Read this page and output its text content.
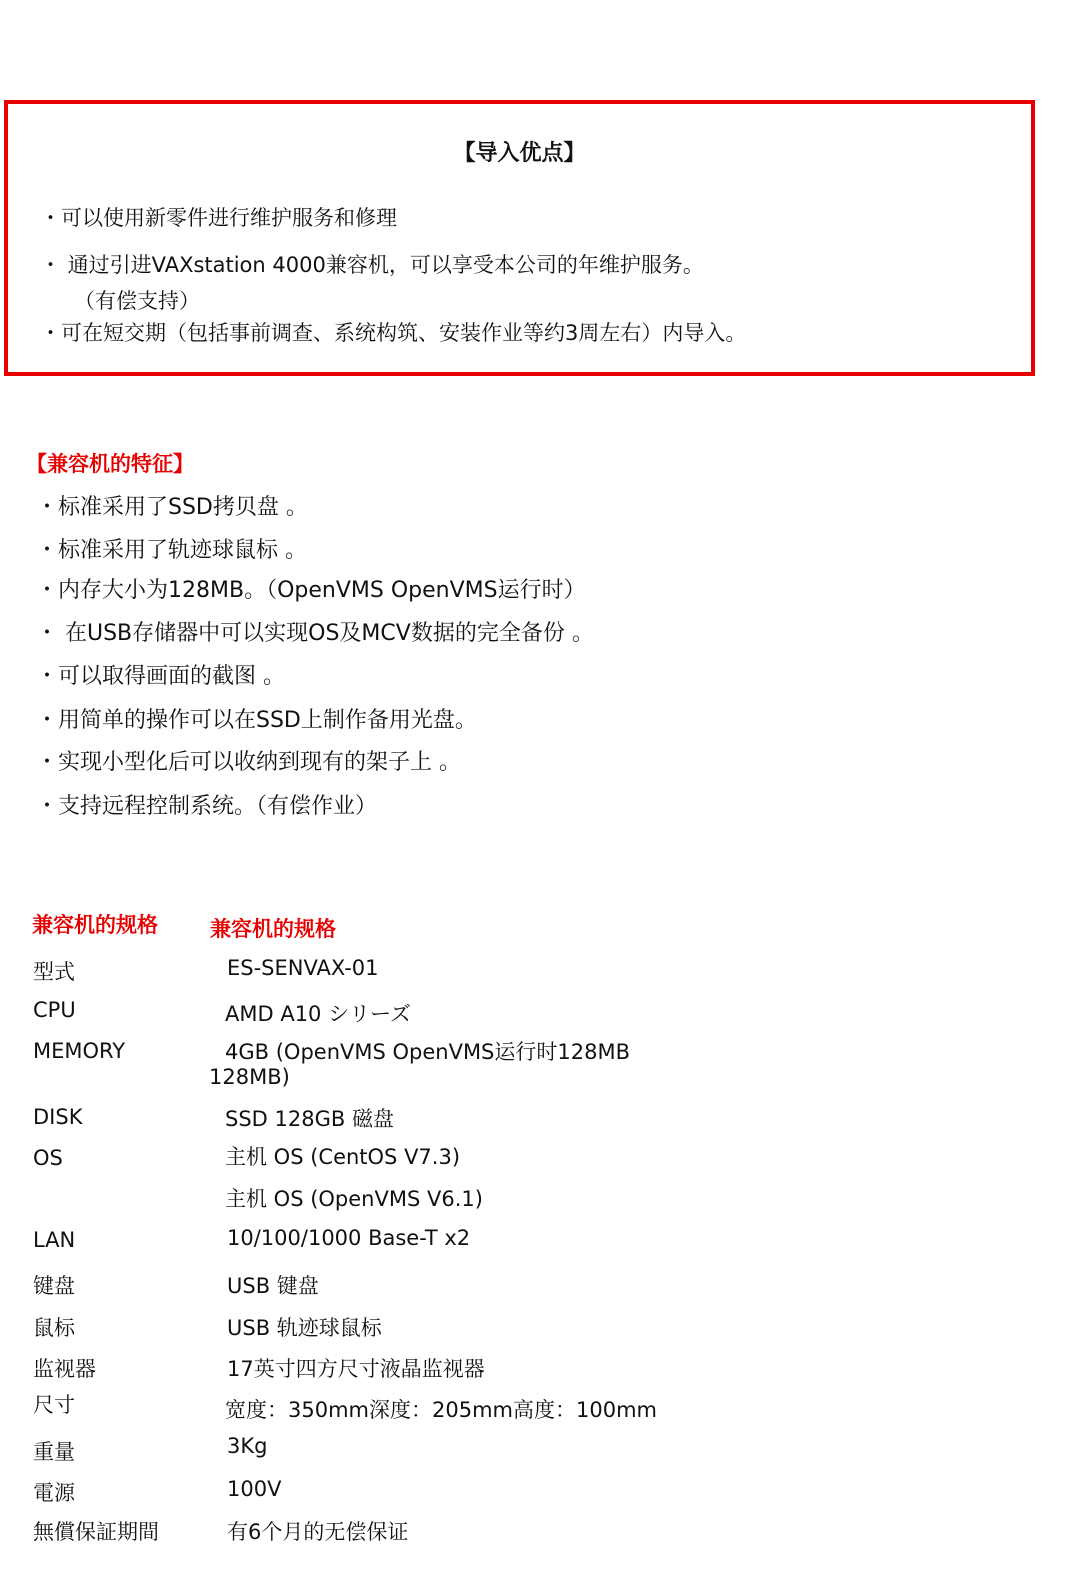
【导入优点】
・可以使用新零件进行维护服务和修理
・ 通过引进VAXstation 4000兼容机，可以享受本公司的年维护服务。
（有偿支持）
・可在短交期（包括事前调查、系统构筑、安装作业等约3周左右）内导入。
【兼容机的特征】
・标准采用了SSD拷贝盘 。
・标准采用了轨迹球鼠标 。
・内存大小为128MB。（OpenVMS OpenVMS运行时）
・ 在USB存储器中可以实现OS及MCV数据的完全备份 。
・可以取得画面的截图 。
・用简单的操作可以在SSD上制作备用光盘。
・实现小型化后可以收纳到现有的架子上 。
・支持远程控制系统。（有偿作业）
兼容机的规格 兼容机的规格
型式	ES-SENVAX-01
CPU	AMD A10 シリーズ
MEMORY	4GB (OpenVMS OpenVMS运行时128MB
128MB)
DISK	SSD 128GB 磁盘
OS	主机 OS (CentOS V7.3)
主机 OS (OpenVMS V6.1)
LAN	10/100/1000 Base-T x2
键盘	USB 键盘
鼠标	USB 轨迹球鼠标
监视器	17英寸四方尺寸液晶监视器
尺寸	宽度：350mm深度：205mm高度：100mm
重量	3Kg
電源	100V
無償保証期間	有6个月的无偿保证
